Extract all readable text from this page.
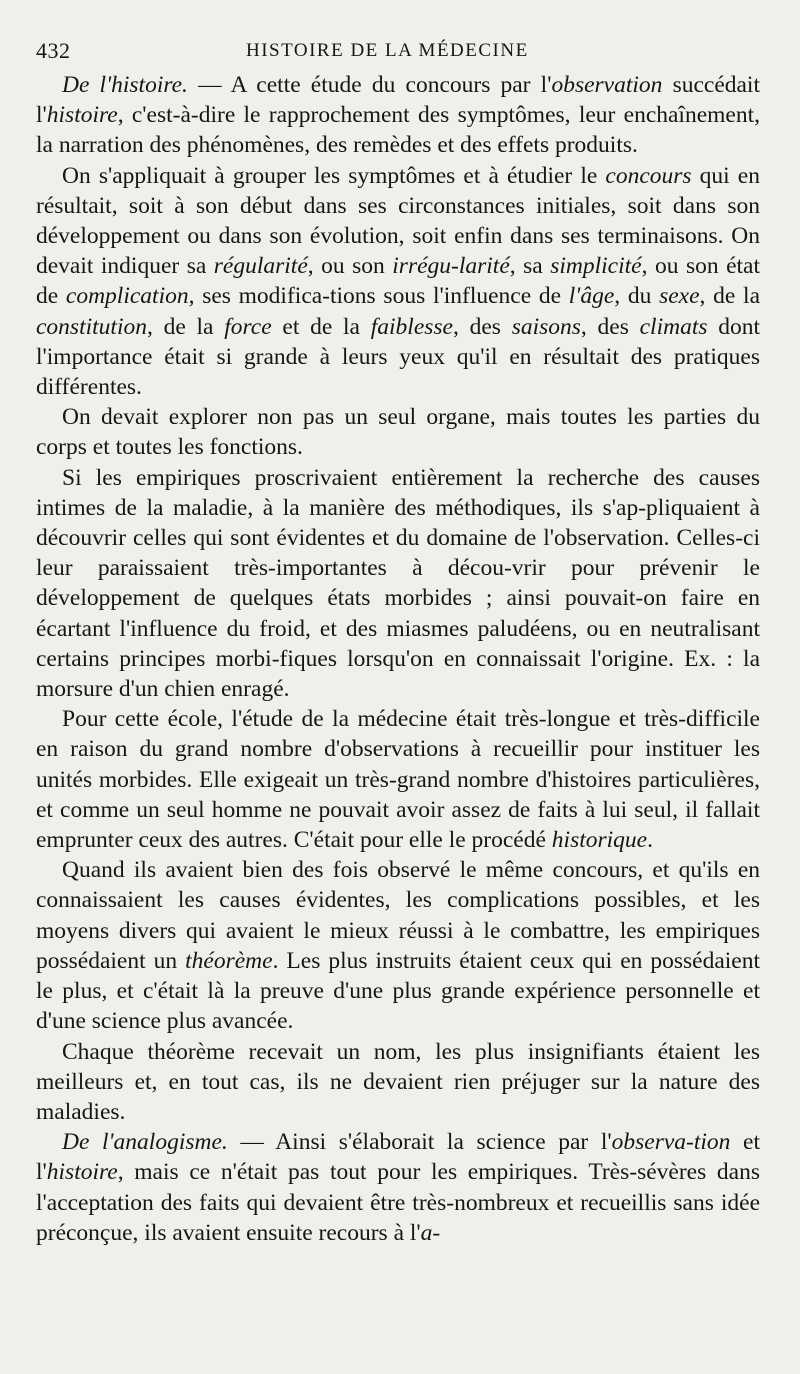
432	HISTOIRE DE LA MÉDECINE

De l'histoire. — A cette étude du concours par l'observation succédait l'histoire, c'est-à-dire le rapprochement des symptômes, leur enchaînement, la narration des phénomènes, des remèdes et des effets produits.

On s'appliquait à grouper les symptômes et à étudier le concours qui en résultait, soit à son début dans ses circonstances initiales, soit dans son développement ou dans son évolution, soit enfin dans ses terminaisons. On devait indiquer sa régularité, ou son irrégu-larité, sa simplicité, ou son état de complication, ses modifica-tions sous l'influence de l'âge, du sexe, de la constitution, de la force et de la faiblesse, des saisons, des climats dont l'importance était si grande à leurs yeux qu'il en résultait des pratiques différentes.

On devait explorer non pas un seul organe, mais toutes les parties du corps et toutes les fonctions.

Si les empiriques proscrivaient entièrement la recherche des causes intimes de la maladie, à la manière des méthodiques, ils s'ap-pliquaient à découvrir celles qui sont évidentes et du domaine de l'observation. Celles-ci leur paraissaient très-importantes à décou-vrir pour prévenir le développement de quelques états morbides ; ainsi pouvait-on faire en écartant l'influence du froid, et des miasmes paludéens, ou en neutralisant certains principes morbi-fiques lorsqu'on en connaissait l'origine. Ex. : la morsure d'un chien enragé.

Pour cette école, l'étude de la médecine était très-longue et très-difficile en raison du grand nombre d'observations à recueillir pour instituer les unités morbides. Elle exigeait un très-grand nombre d'histoires particulières, et comme un seul homme ne pouvait avoir assez de faits à lui seul, il fallait emprunter ceux des autres. C'était pour elle le procédé historique.

Quand ils avaient bien des fois observé le même concours, et qu'ils en connaissaient les causes évidentes, les complications possibles, et les moyens divers qui avaient le mieux réussi à le combattre, les empiriques possédaient un théorème. Les plus instruits étaient ceux qui en possédaient le plus, et c'était là la preuve d'une plus grande expérience personnelle et d'une science plus avancée.

Chaque théorème recevait un nom, les plus insignifiants étaient les meilleurs et, en tout cas, ils ne devaient rien préjuger sur la nature des maladies.

De l'analogisme. — Ainsi s'élaborait la science par l'observa-tion et l'histoire, mais ce n'était pas tout pour les empiriques. Très-sévères dans l'acceptation des faits qui devaient être très-nombreux et recueillis sans idée préconçue, ils avaient ensuite recours à l'a-
